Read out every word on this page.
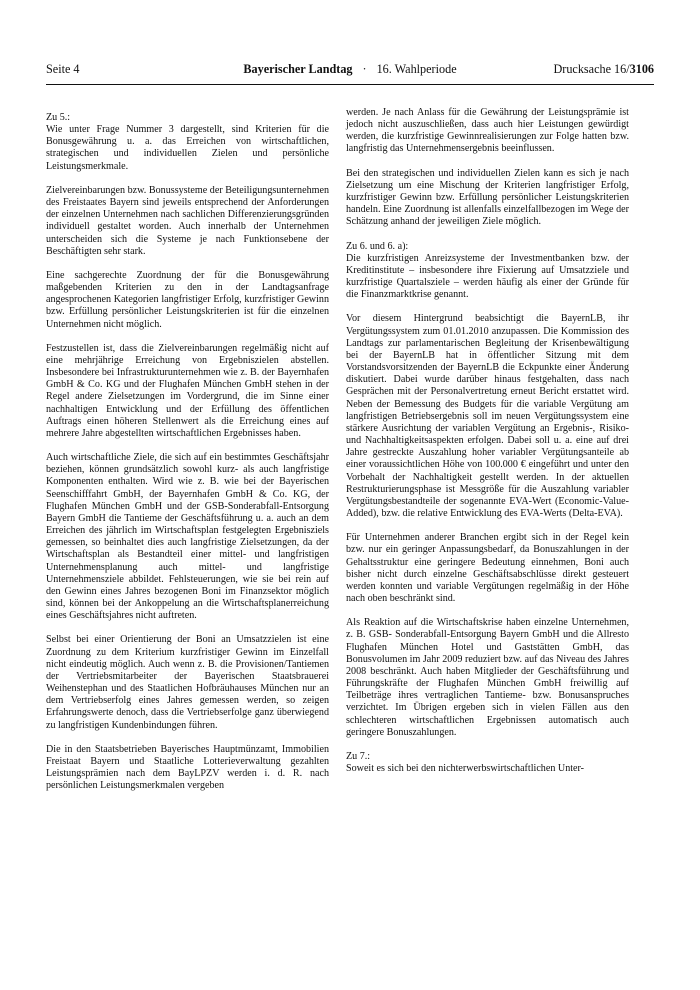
Seite 4	Bayerischer Landtag · 16. Wahlperiode	Drucksache 16/3106

Zu 5.:
Wie unter Frage Nummer 3 dargestellt, sind Kriterien für die Bonusgewährung u. a. das Erreichen von wirtschaftlichen, strategischen und individuellen Zielen und persönliche Leistungsmerkmale.

Zielvereinbarungen bzw. Bonussysteme der Beteiligungsunternehmen des Freistaates Bayern sind jeweils entsprechend der Anforderungen der einzelnen Unternehmen nach sachlichen Differenzierungsgründen individuell gestaltet worden. Auch innerhalb der Unternehmen unterscheiden sich die Systeme je nach Funktionsebene der Beschäftigten sehr stark.

Eine sachgerechte Zuordnung der für die Bonusgewährung maßgebenden Kriterien zu den in der Landtagsanfrage angesprochenen Kategorien langfristiger Erfolg, kurzfristiger Gewinn bzw. Erfüllung persönlicher Leistungskriterien ist für die einzelnen Unternehmen nicht möglich.

Festzustellen ist, dass die Zielvereinbarungen regelmäßig nicht auf eine mehrjährige Erreichung von Ergebniszielen abstellen. Insbesondere bei Infrastrukturunternehmen wie z. B. der Bayernhafen GmbH & Co. KG und der Flughafen München GmbH stehen in der Regel andere Zielsetzungen im Vordergrund, die im Sinne einer nachhaltigen Entwicklung und der Erfüllung des öffentlichen Auftrags einen höheren Stellenwert als die Erreichung eines auf mehrere Jahre abgestellten wirtschaftlichen Ergebnisses haben.

Auch wirtschaftliche Ziele, die sich auf ein bestimmtes Geschäftsjahr beziehen, können grundsätzlich sowohl kurz- als auch langfristige Komponenten enthalten. Wird wie z. B. wie bei der Bayerischen Seenschifffahrt GmbH, der Bayernhafen GmbH & Co. KG, der Flughafen München GmbH und der GSB-Sonderabfall-Entsorgung Bayern GmbH die Tantieme der Geschäftsführung u. a. auch an dem Erreichen des jährlich im Wirtschaftsplan festgelegten Ergebnisziels gemessen, so beinhaltet dies auch langfristige Zielsetzungen, da der Wirtschaftsplan als Bestandteil einer mittel- und langfristigen Unternehmensplanung auch mittel- und langfristige Unternehmensziele abbildet. Fehlsteuerungen, wie sie bei rein auf den Gewinn eines Jahres bezogenen Boni im Finanzsektor möglich sind, können bei der Ankoppelung an die Wirtschaftsplanerreichung eines Geschäftsjahres nicht auftreten.

Selbst bei einer Orientierung der Boni an Umsatzzielen ist eine Zuordnung zu dem Kriterium kurzfristiger Gewinn im Einzelfall nicht eindeutig möglich. Auch wenn z. B. die Provisionen/Tantiemen der Vertriebsmitarbeiter der Bayerischen Staatsbrauerei Weihenstephan und des Staatlichen Hofbräuhauses München nur an dem Vertriebserfolg eines Jahres gemessen werden, so zeigen Erfahrungswerte denoch, dass die Vertriebserfolge ganz überwiegend zu langfristigen Kundenbindungen führen.

Die in den Staatsbetrieben Bayerisches Hauptmünzamt, Immobilien Freistaat Bayern und Staatliche Lotterieverwaltung gezahlten Leistungsprämien nach dem BayLPZV werden i. d. R. nach persönlichen Leistungsmerkmalen vergeben

werden. Je nach Anlass für die Gewährung der Leistungsprämie ist jedoch nicht auszuschließen, dass auch hier Leistungen gewürdigt werden, die kurzfristige Gewinnrealisierungen zur Folge hatten bzw. langfristig das Unternehmensergebnis beeinflussen.

Bei den strategischen und individuellen Zielen kann es sich je nach Zielsetzung um eine Mischung der Kriterien langfristiger Erfolg, kurzfristiger Gewinn bzw. Erfüllung persönlicher Leistungskriterien handeln. Eine Zuordnung ist allenfalls einzelfallbezogen im Wege der Schätzung anhand der jeweiligen Ziele möglich.

Zu 6. und 6. a):
Die kurzfristigen Anreizsysteme der Investmentbanken bzw. der Kreditinstitute – insbesondere ihre Fixierung auf Umsatzziele und kurzfristige Quartalsziele – werden häufig als einer der Gründe für die Finanzmarktkrise genannt.

Vor diesem Hintergrund beabsichtigt die BayernLB, ihr Vergütungssystem zum 01.01.2010 anzupassen. Die Kommission des Landtags zur parlamentarischen Begleitung der Krisenbewältigung bei der BayernLB hat in öffentlicher Sitzung mit dem Vorstandsvorsitzenden der BayernLB die Eckpunkte einer Änderung diskutiert. Dabei wurde darüber hinaus festgehalten, dass nach Gesprächen mit der Personalvertretung erneut Bericht erstattet wird. Neben der Bemessung des Budgets für die variable Vergütung am langfristigen Betriebsergebnis soll im neuen Vergütungssystem eine stärkere Ausrichtung der variablen Vergütung an Ergebnis-, Risiko- und Nachhaltigkeitsaspekten erfolgen. Dabei soll u. a. eine auf drei Jahre gestreckte Auszahlung hoher variabler Vergütungsanteile ab einer voraussichtlichen Höhe von 100.000 € eingeführt und unter den Vorbehalt der Nachhaltigkeit gestellt werden. In der aktuellen Restrukturierungsphase ist Messgröße für die Auszahlung variabler Vergütungsbestandteile der sogenannte EVA-Wert (Economic-Value-Added), bzw. die relative Entwicklung des EVA-Werts (Delta-EVA).

Für Unternehmen anderer Branchen ergibt sich in der Regel kein bzw. nur ein geringer Anpassungsbedarf, da Bonuszahlungen in der Gehaltsstruktur eine geringere Bedeutung einnehmen, Boni auch bisher nicht durch einzelne Geschäftsabschlüsse direkt gesteuert werden konnten und variable Vergütungen regelmäßig in der Höhe nach oben beschränkt sind.

Als Reaktion auf die Wirtschaftskrise haben einzelne Unternehmen, z. B. GSB- Sonderabfall-Entsorgung Bayern GmbH und die Allresto Flughafen München Hotel und Gaststätten GmbH, das Bonusvolumen im Jahr 2009 reduziert bzw. auf das Niveau des Jahres 2008 beschränkt. Auch haben Mitglieder der Geschäftsführung und Führungskräfte der Flughafen München GmbH freiwillig auf Teilbeträge ihres vertraglichen Tantieme- bzw. Bonusanspruches verzichtet. Im Übrigen ergeben sich in vielen Fällen aus den schlechteren wirtschaftlichen Ergebnissen automatisch auch geringere Bonuszahlungen.

Zu 7.:
Soweit es sich bei den nichterwerbswirtschaftlichen Unter-
